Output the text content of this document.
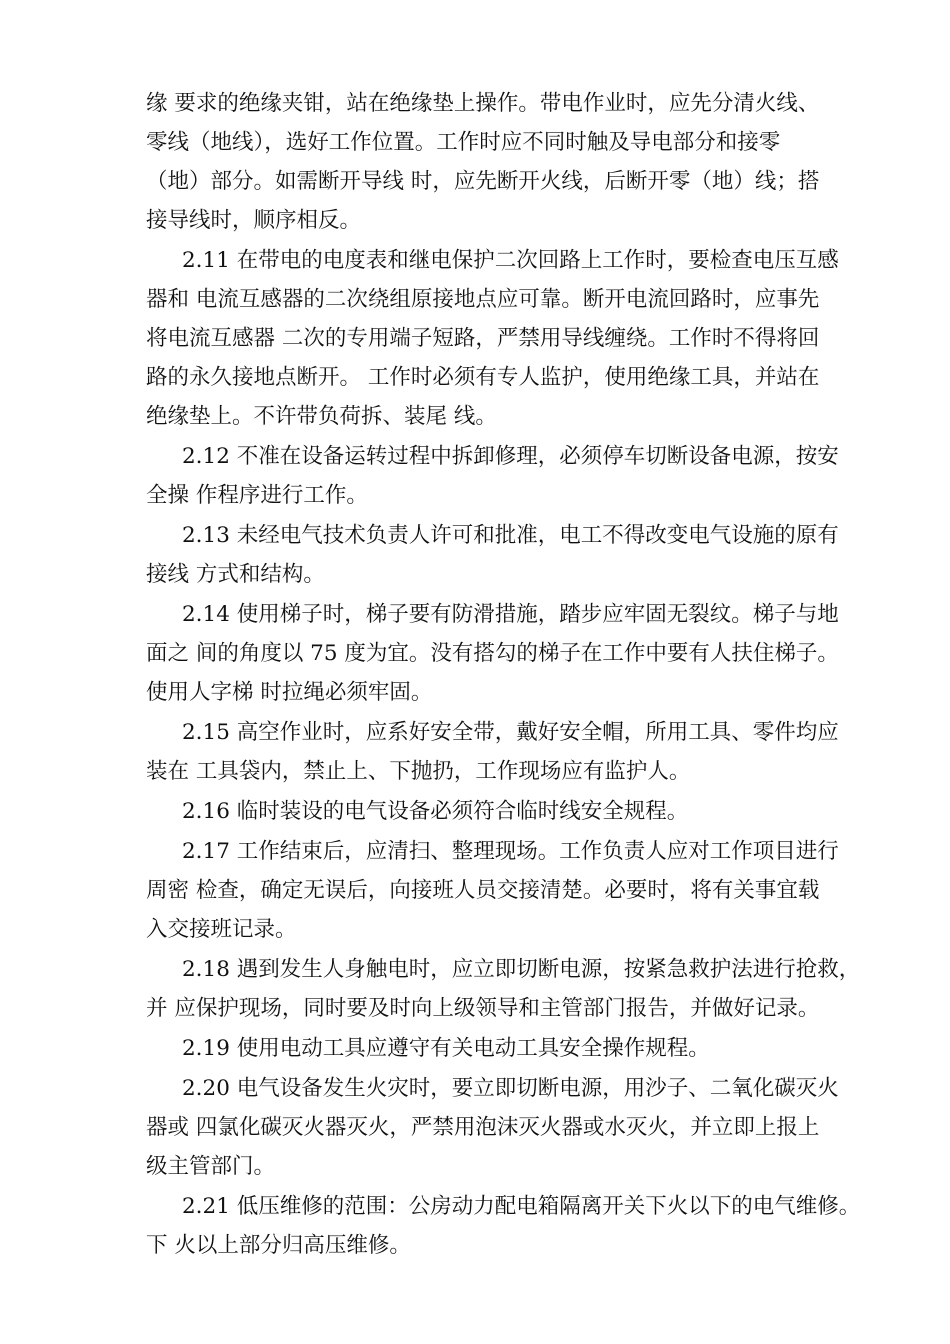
缘 要求的绝缘夹钳，站在绝缘垫上操作。带电作业时，应先分清火线、
零线（地线），选好工作位置。工作时应不同时触及导电部分和接零
（地）部分。如需断开导线 时，应先断开火线，后断开零（地）线；搭
接导线时，顺序相反。
2.11 在带电的电度表和继电保护二次回路上工作时，要检查电压互感
器和 电流互感器的二次绕组原接地点应可靠。断开电流回路时，应事先
将电流互感器 二次的专用端子短路，严禁用导线缠绕。工作时不得将回
路的永久接地点断开。 工作时必须有专人监护，使用绝缘工具，并站在
绝缘垫上。不许带负荷拆、装尾 线。
2.12 不准在设备运转过程中拆卸修理，必须停车切断设备电源，按安
全操 作程序进行工作。
2.13 未经电气技术负责人许可和批准，电工不得改变电气设施的原有
接线 方式和结构。
2.14 使用梯子时，梯子要有防滑措施，踏步应牢固无裂纹。梯子与地
面之 间的角度以 75 度为宜。没有搭勾的梯子在工作中要有人扶住梯子。
使用人字梯 时拉绳必须牢固。
2.15 高空作业时，应系好安全带，戴好安全帽，所用工具、零件均应
装在 工具袋内，禁止上、下抛扔，工作现场应有监护人。
2.16 临时装设的电气设备必须符合临时线安全规程。
2.17 工作结束后，应清扫、整理现场。工作负责人应对工作项目进行
周密 检查，确定无误后，向接班人员交接清楚。必要时，将有关事宜载
入交接班记录。
2.18 遇到发生人身触电时，应立即切断电源，按紧急救护法进行抢救，
并 应保护现场，同时要及时向上级领导和主管部门报告，并做好记录。
2.19 使用电动工具应遵守有关电动工具安全操作规程。
2.20 电气设备发生火灾时，要立即切断电源，用沙子、二氧化碳灭火
器或 四氯化碳灭火器灭火，严禁用泡沫灭火器或水灭火，并立即上报上
级主管部门。
2.21 低压维修的范围：公房动力配电箱隔离开关下火以下的电气维修。
下 火以上部分归高压维修。
